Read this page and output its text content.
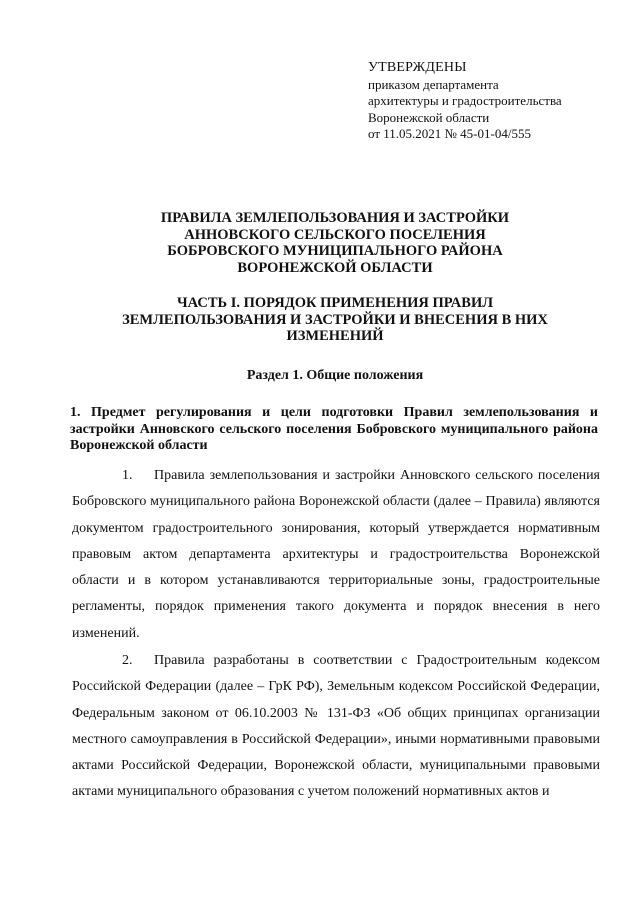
УТВЕРЖДЕНЫ
приказом департамента
архитектуры и градостроительства
Воронежской области
от 11.05.2021 № 45-01-04/555
ПРАВИЛА ЗЕМЛЕПОЛЬЗОВАНИЯ И ЗАСТРОЙКИ
АННОВСКОГО СЕЛЬСКОГО ПОСЕЛЕНИЯ
БОБРОВСКОГО МУНИЦИПАЛЬНОГО РАЙОНА
ВОРОНЕЖСКОЙ ОБЛАСТИ
ЧАСТЬ I. ПОРЯДОК ПРИМЕНЕНИЯ ПРАВИЛ
ЗЕМЛЕПОЛЬЗОВАНИЯ И ЗАСТРОЙКИ И ВНЕСЕНИЯ В НИХ
ИЗМЕНЕНИЙ
Раздел 1. Общие положения
1. Предмет регулирования и цели подготовки Правил землепользования и застройки Анновского сельского поселения Бобровского муниципального района Воронежской области
1. Правила землепользования и застройки Анновского сельского поселения Бобровского муниципального района Воронежской области (далее – Правила) являются документом градостроительного зонирования, который утверждается нормативным правовым актом департамента архитектуры и градостроительства Воронежской области и в котором устанавливаются территориальные зоны, градостроительные регламенты, порядок применения такого документа и порядок внесения в него изменений.
2. Правила разработаны в соответствии с Градостроительным кодексом Российской Федерации (далее – ГрК РФ), Земельным кодексом Российской Федерации, Федеральным законом от 06.10.2003 № 131-ФЗ «Об общих принципах организации местного самоуправления в Российской Федерации», иными нормативными правовыми актами Российской Федерации, Воронежской области, муниципальными правовыми актами муниципального образования с учетом положений нормативных актов и
